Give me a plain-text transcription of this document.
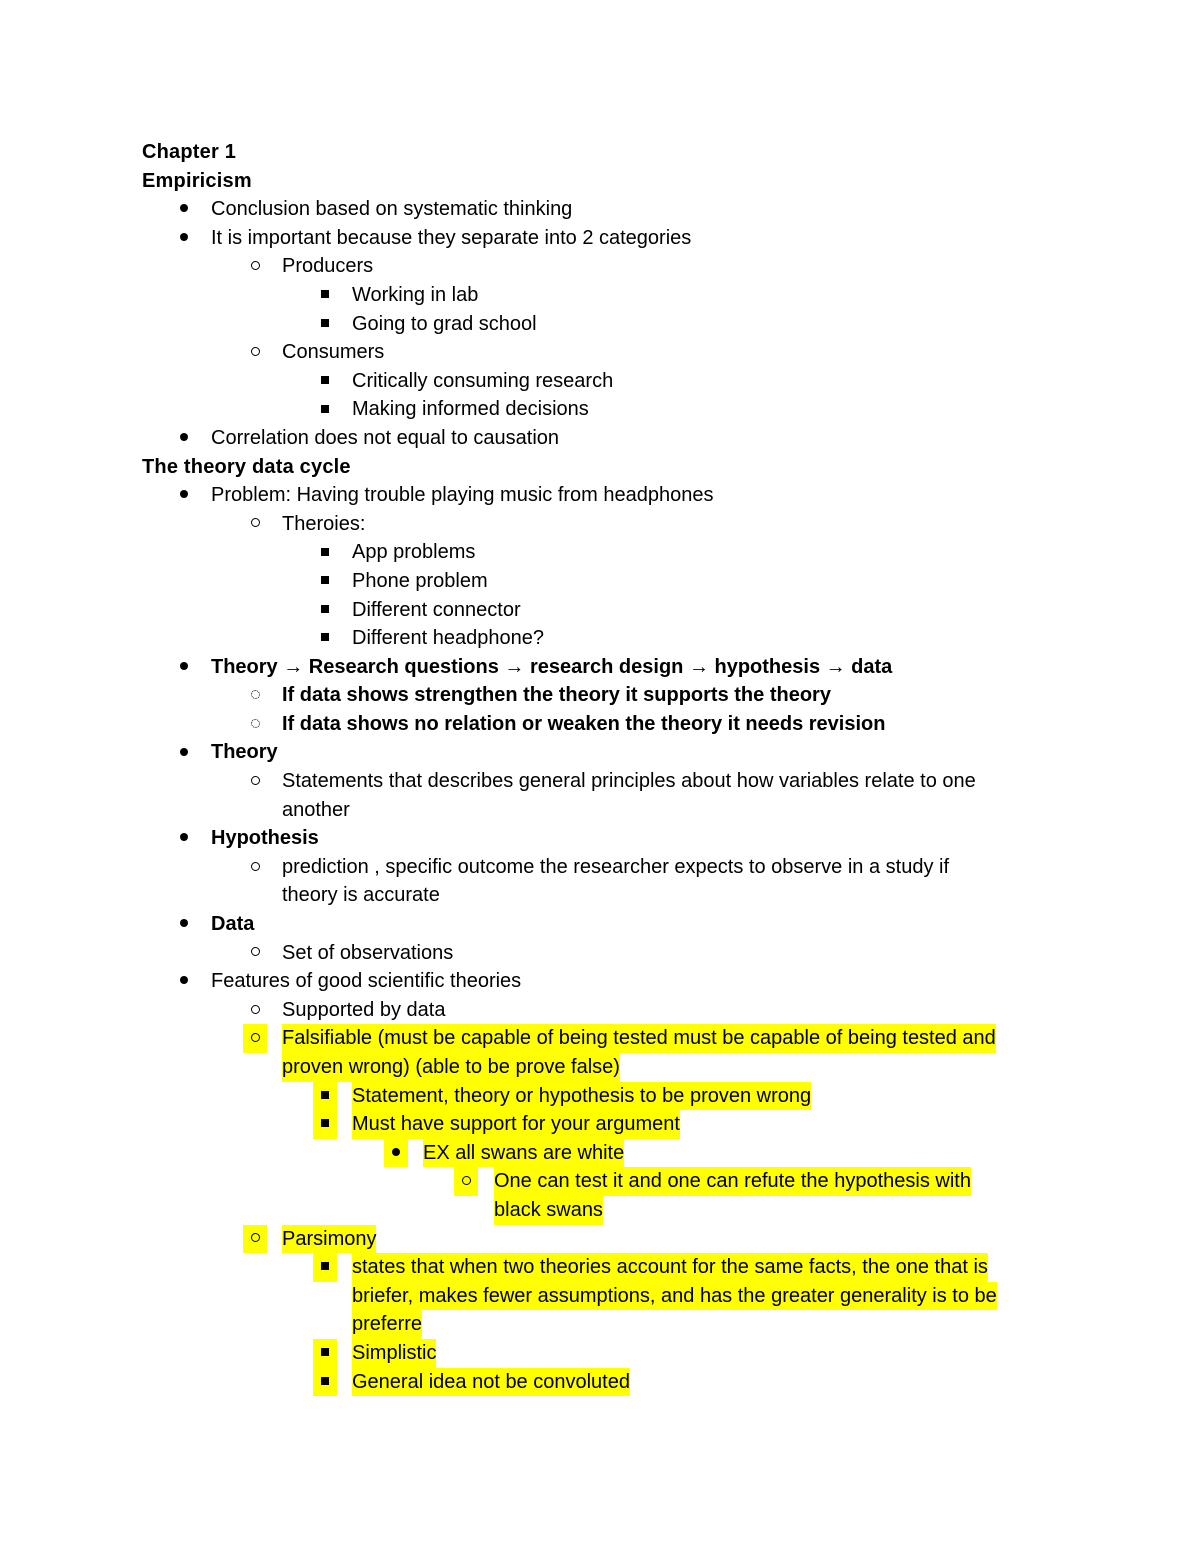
Chapter 1
Empiricism
Conclusion based on systematic thinking
It is important because they separate into 2 categories
Producers
Working in lab
Going to grad school
Consumers
Critically consuming research
Making informed decisions
Correlation does not equal to causation
The theory data cycle
Problem: Having trouble playing music from headphones
Theroies:
App problems
Phone problem
Different connector
Different headphone?
Theory → Research questions → research design → hypothesis → data
If data shows strengthen the theory it supports the theory
If data shows no relation or weaken the theory it needs revision
Theory
Statements that describes general principles about how variables relate to one
another
Hypothesis
prediction , specific outcome the researcher expects to observe in a study if
theory is accurate
Data
Set of observations
Features of good scientific theories
Supported by data
Falsifiable (must be capable of being tested must be capable of being tested and
proven wrong) (able to be prove false)
Statement, theory or hypothesis to be proven wrong
Must have support for your argument
EX all swans are white
One can test it and one can refute the hypothesis with
black swans
Parsimony
states that when two theories account for the same facts, the one that is
briefer, makes fewer assumptions, and has the greater generality is to be
preferre
Simplistic
General idea not be convoluted
